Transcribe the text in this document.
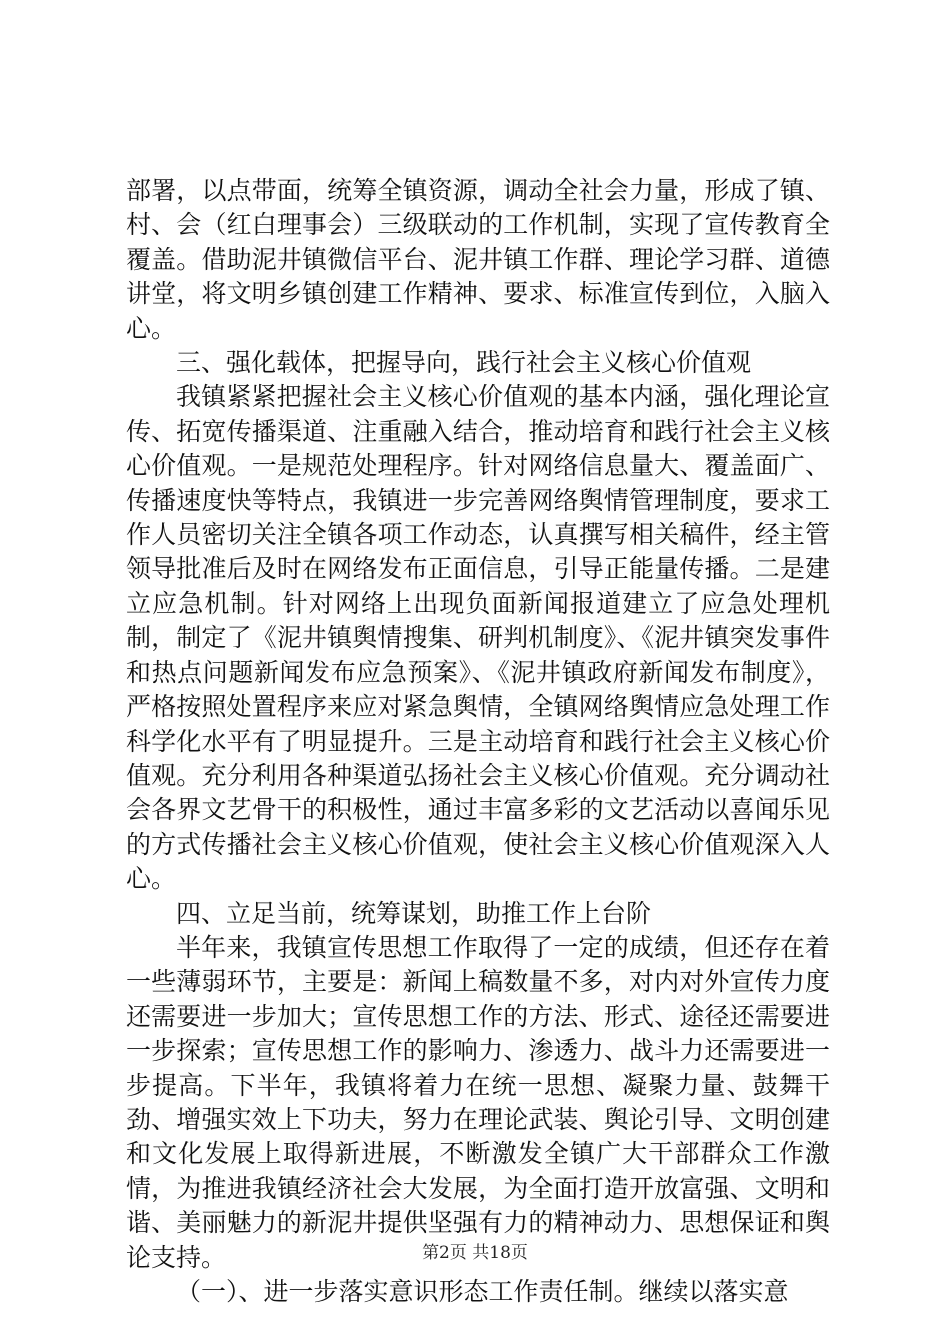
部署，以点带面，统筹全镇资源，调动全社会力量，形成了镇、村、会（红白理事会）三级联动的工作机制，实现了宣传教育全覆盖。借助泥井镇微信平台、泥井镇工作群、理论学习群、道德讲堂，将文明乡镇创建工作精神、要求、标准宣传到位，入脑入心。

三、强化载体，把握导向，践行社会主义核心价值观

我镇紧紧把握社会主义核心价值观的基本内涵，强化理论宣传、拓宽传播渠道、注重融入结合，推动培育和践行社会主义核心价值观。一是规范处理程序。针对网络信息量大、覆盖面广、传播速度快等特点，我镇进一步完善网络舆情管理制度，要求工作人员密切关注全镇各项工作动态，认真撰写相关稿件，经主管领导批准后及时在网络发布正面信息，引导正能量传播。二是建立应急机制。针对网络上出现负面新闻报道建立了应急处理机制，制定了《泥井镇舆情搜集、研判机制度》、《泥井镇突发事件和热点问题新闻发布应急预案》、《泥井镇政府新闻发布制度》，严格按照处置程序来应对紧急舆情，全镇网络舆情应急处理工作科学化水平有了明显提升。三是主动培育和践行社会主义核心价值观。充分利用各种渠道弘扬社会主义核心价值观。充分调动社会各界文艺骨干的积极性，通过丰富多彩的文艺活动以喜闻乐见的方式传播社会主义核心价值观，使社会主义核心价值观深入人心。

四、立足当前，统筹谋划，助推工作上台阶

半年来，我镇宣传思想工作取得了一定的成绩，但还存在着一些薄弱环节，主要是：新闻上稿数量不多，对内对外宣传力度还需要进一步加大；宣传思想工作的方法、形式、途径还需要进一步探索；宣传思想工作的影响力、渗透力、战斗力还需要进一步提高。下半年，我镇将着力在统一思想、凝聚力量、鼓舞干劲、增强实效上下功夫，努力在理论武装、舆论引导、文明创建和文化发展上取得新进展，不断激发全镇广大干部群众工作激情，为推进我镇经济社会大发展，为全面打造开放富强、文明和谐、美丽魅力的新泥井提供坚强有力的精神动力、思想保证和舆论支持。

（一）、进一步落实意识形态工作责任制。继续以落实意

第2页 共18页
